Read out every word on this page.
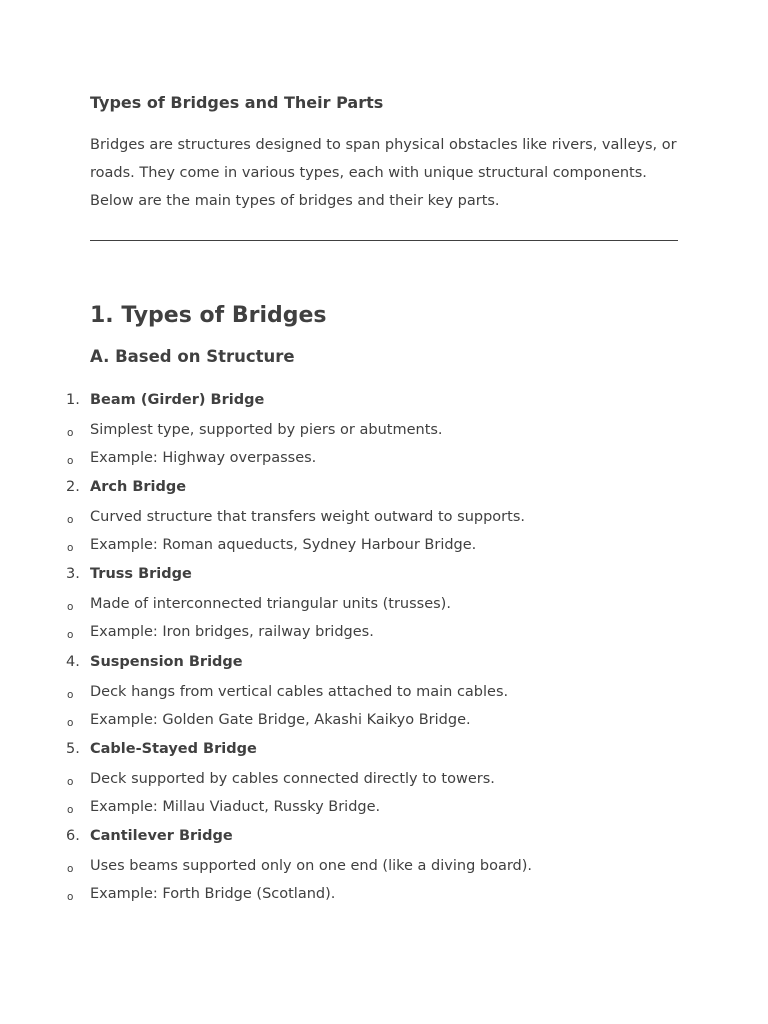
Types of Bridges and Their Parts

Bridges are structures designed to span physical obstacles like rivers, valleys, or roads. They come in various types, each with unique structural components. Below are the main types of bridges and their key parts.

1. Types of Bridges
A. Based on Structure
1. Beam (Girder) Bridge
o Simplest type, supported by piers or abutments.
o Example: Highway overpasses.
2. Arch Bridge
o Curved structure that transfers weight outward to supports.
o Example: Roman aqueducts, Sydney Harbour Bridge.
3. Truss Bridge
o Made of interconnected triangular units (trusses).
o Example: Iron bridges, railway bridges.
4. Suspension Bridge
o Deck hangs from vertical cables attached to main cables.
o Example: Golden Gate Bridge, Akashi Kaikyo Bridge.
5. Cable-Stayed Bridge
o Deck supported by cables connected directly to towers.
o Example: Millau Viaduct, Russky Bridge.
6. Cantilever Bridge
o Uses beams supported only on one end (like a diving board).
o Example: Forth Bridge (Scotland).
